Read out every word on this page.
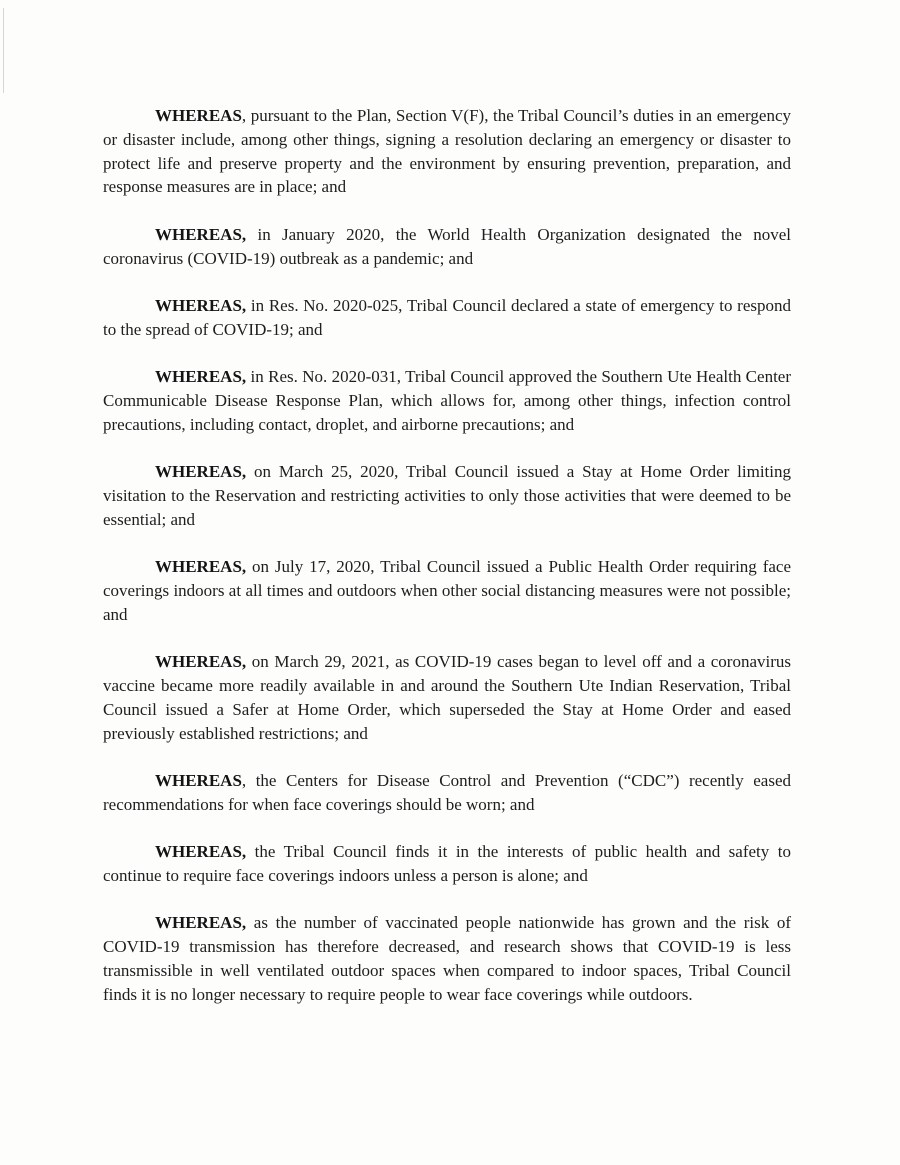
WHEREAS, pursuant to the Plan, Section V(F), the Tribal Council’s duties in an emergency or disaster include, among other things, signing a resolution declaring an emergency or disaster to protect life and preserve property and the environment by ensuring prevention, preparation, and response measures are in place; and

WHEREAS, in January 2020, the World Health Organization designated the novel coronavirus (COVID-19) outbreak as a pandemic; and

WHEREAS, in Res. No. 2020-025, Tribal Council declared a state of emergency to respond to the spread of COVID-19; and

WHEREAS, in Res. No. 2020-031, Tribal Council approved the Southern Ute Health Center Communicable Disease Response Plan, which allows for, among other things, infection control precautions, including contact, droplet, and airborne precautions; and

WHEREAS, on March 25, 2020, Tribal Council issued a Stay at Home Order limiting visitation to the Reservation and restricting activities to only those activities that were deemed to be essential; and

WHEREAS, on July 17, 2020, Tribal Council issued a Public Health Order requiring face coverings indoors at all times and outdoors when other social distancing measures were not possible; and

WHEREAS, on March 29, 2021, as COVID-19 cases began to level off and a coronavirus vaccine became more readily available in and around the Southern Ute Indian Reservation, Tribal Council issued a Safer at Home Order, which superseded the Stay at Home Order and eased previously established restrictions; and

WHEREAS, the Centers for Disease Control and Prevention (“CDC”) recently eased recommendations for when face coverings should be worn; and

WHEREAS, the Tribal Council finds it in the interests of public health and safety to continue to require face coverings indoors unless a person is alone; and

WHEREAS, as the number of vaccinated people nationwide has grown and the risk of COVID-19 transmission has therefore decreased, and research shows that COVID-19 is less transmissible in well ventilated outdoor spaces when compared to indoor spaces, Tribal Council finds it is no longer necessary to require people to wear face coverings while outdoors.
